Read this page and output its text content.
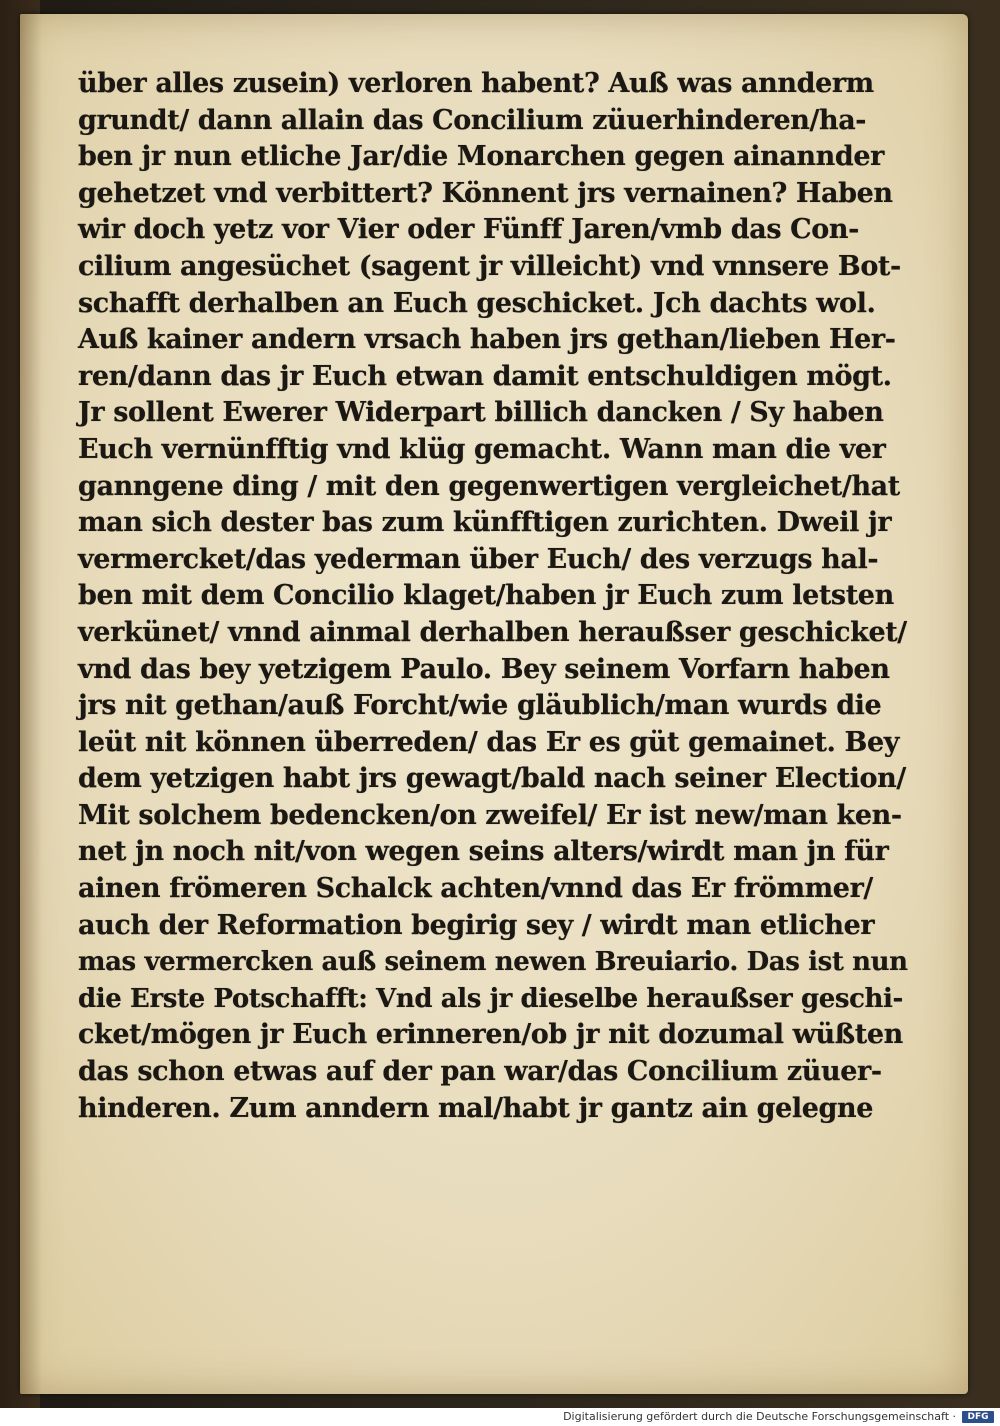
über alles zusein) verloren habent? Auß was annderm
grundt/ dann allain das Concilium züuerhinderen/ha-
ben jr nun etliche Jar/die Monarchen gegen ainannder
gehetzet vnd verbittert? Könnent jrs vernainen? Haben
wir doch yetz vor Vier oder Fünff Jaren/vmb das Con-
cilium angesüchet (sagent jr villeicht) vnd vnnsere Bot-
schafft derhalben an Euch geschicket. Jch dachts wol.
Auß kainer andern vrsach haben jrs gethan/lieben Her-
ren/dann das jr Euch etwan damit entschuldigen mögt.
Jr sollent Ewerer Widerpart billich dancken / Sy haben
Euch vernünfftig vnd klüg gemacht. Wann man die ver
ganngene ding / mit den gegenwertigen vergleichet/hat
man sich dester bas zum künfftigen zurichten. Dweil jr
vermercket/das yederman über Euch/ des verzugs hal-
ben mit dem Concilio klaget/haben jr Euch zum letsten
verkünet/ vnnd ainmal derhalben heraußser geschicket/
vnd das bey yetzigem Paulo. Bey seinem Vorfarn haben
jrs nit gethan/auß Forcht/wie gläublich/man wurds die
leüt nit können überreden/ das Er es güt gemainet. Bey
dem yetzigen habt jrs gewagt/bald nach seiner Election/
Mit solchem bedencken/on zweifel/ Er ist new/man ken-
net jn noch nit/von wegen seins alters/wirdt man jn für
ainen frömeren Schalck achten/vnnd das Er frömmer/
auch der Reformation begirig sey / wirdt man etlicher
mas vermercken auß seinem newen Breuiario. Das ist nun
die Erste Potschafft: Vnd als jr dieselbe heraußser geschi-
cket/mögen jr Euch erinneren/ob jr nit dozumal wüßten
das schon etwas auf der pan war/das Concilium züuer-
hinderen. Zum anndern mal/habt jr gantz ain gelegne
Digitalisierung gefördert durch die Deutsche Forschungsgemeinschaft ·	DFG
